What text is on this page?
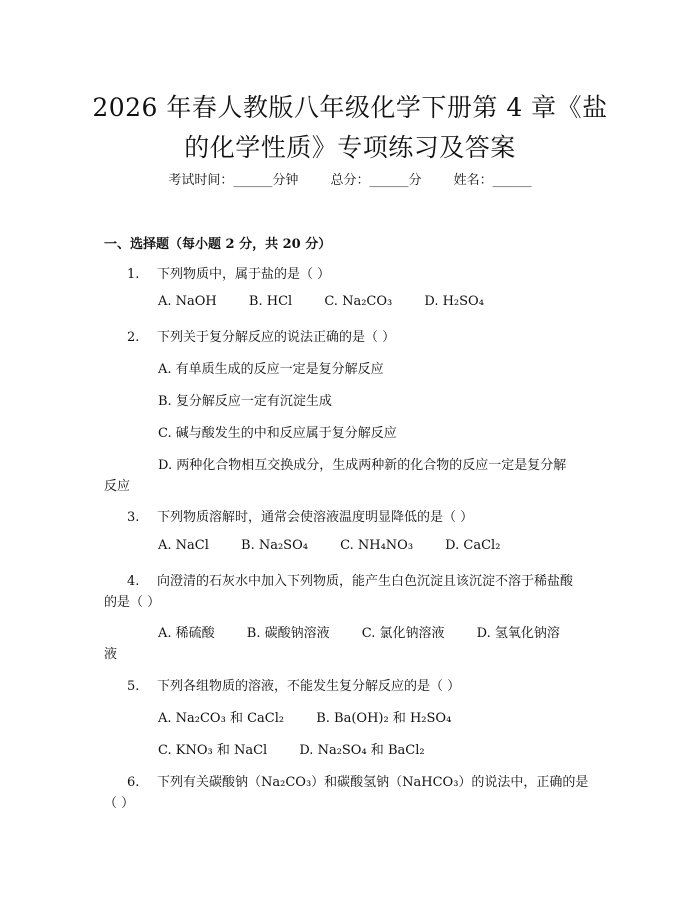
2026 年春人教版八年级化学下册第 4 章《盐
的化学性质》专项练习及答案
考试时间：______分钟 总分：______分 姓名：______
一、选择题（每小题 2 分，共 20 分）
1. 下列物质中，属于盐的是（ ）
A. NaOH B. HCl C. Na₂CO₃ D. H₂SO₄
2. 下列关于复分解反应的说法正确的是（ ）
A. 有单质生成的反应一定是复分解反应
B. 复分解反应一定有沉淀生成
C. 碱与酸发生的中和反应属于复分解反应
D. 两种化合物相互交换成分，生成两种新的化合物的反应一定是复分解
反应
3. 下列物质溶解时，通常会使溶液温度明显降低的是（ ）
A. NaCl B. Na₂SO₄ C. NH₄NO₃ D. CaCl₂
4. 向澄清的石灰水中加入下列物质，能产生白色沉淀且该沉淀不溶于稀盐酸
的是（ ）
A. 稀硫酸 B. 碳酸钠溶液 C. 氯化钠溶液 D. 氢氧化钠溶
液
5. 下列各组物质的溶液，不能发生复分解反应的是（ ）
A. Na₂CO₃ 和 CaCl₂ B. Ba(OH)₂ 和 H₂SO₄
C. KNO₃ 和 NaCl D. Na₂SO₄ 和 BaCl₂
6. 下列有关碳酸钠（Na₂CO₃）和碳酸氢钠（NaHCO₃）的说法中，正确的是
（ ）
